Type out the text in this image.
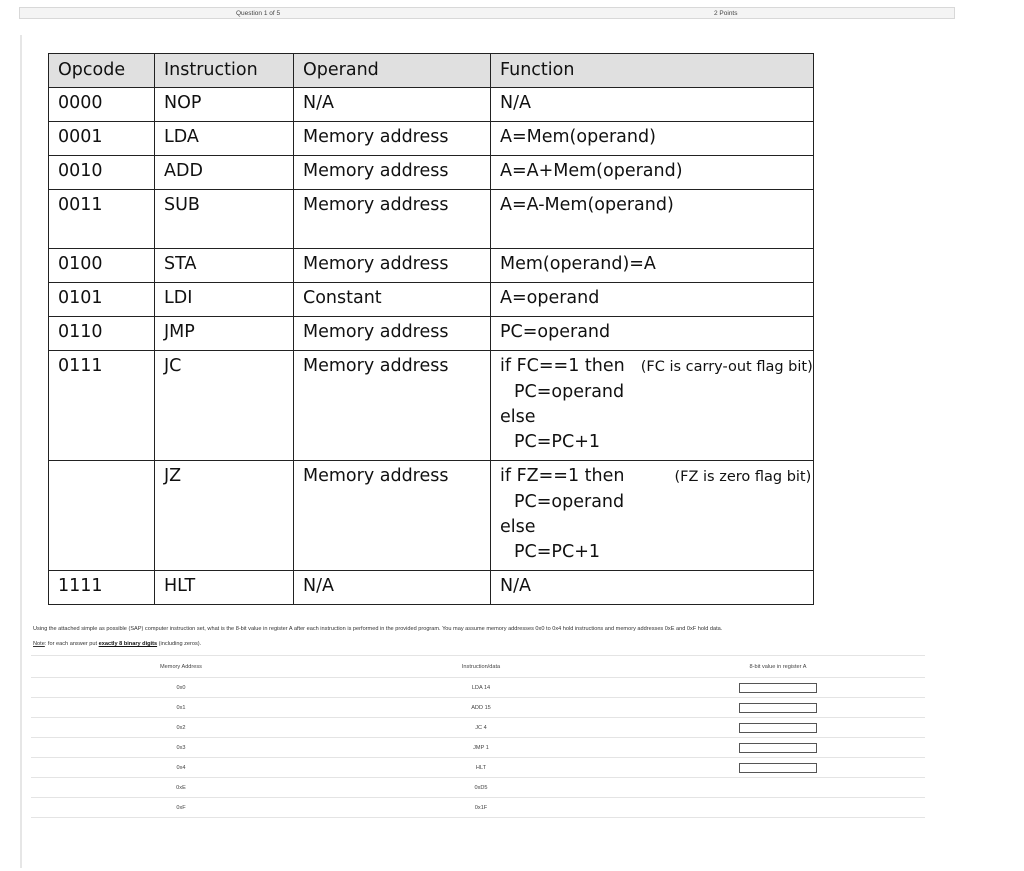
Question 1 of 5	2 Points
Opcode	Instruction	Operand	Function
0000	NOP	N/A	N/A
0001	LDA	Memory address	A=Mem(operand)
0010	ADD	Memory address	A=A+Mem(operand)
0011	SUB	Memory address	A=A-Mem(operand)
0100	STA	Memory address	Mem(operand)=A
0101	LDI	Constant	A=operand
0110	JMP	Memory address	PC=operand
0111	JC	Memory address	if FC==1 then (FC is carry-out flag bit)
PC=operand
else
PC=PC+1

	JZ	Memory address	if FZ==1 then (FZ is zero flag bit)
PC=operand
else
PC=PC+1

1111	HLT	N/A	N/A
Using the attached simple as possible (SAP) computer instruction set, what is the 8-bit value in register A after each instruction is performed in the provided program. You may assume memory addresses 0x0 to 0x4 hold instructions and memory addresses 0xE and 0xF hold data.
Note: for each answer put exactly 8 binary digits (including zeros).
Memory Address	Instruction/data	8-bit value in register A
0x0	LDA 14	
0x1	ADD 15	
0x2	JC 4	
0x3	JMP 1	
0x4	HLT	
0xE	0xD5	
0xF	0x1F	
